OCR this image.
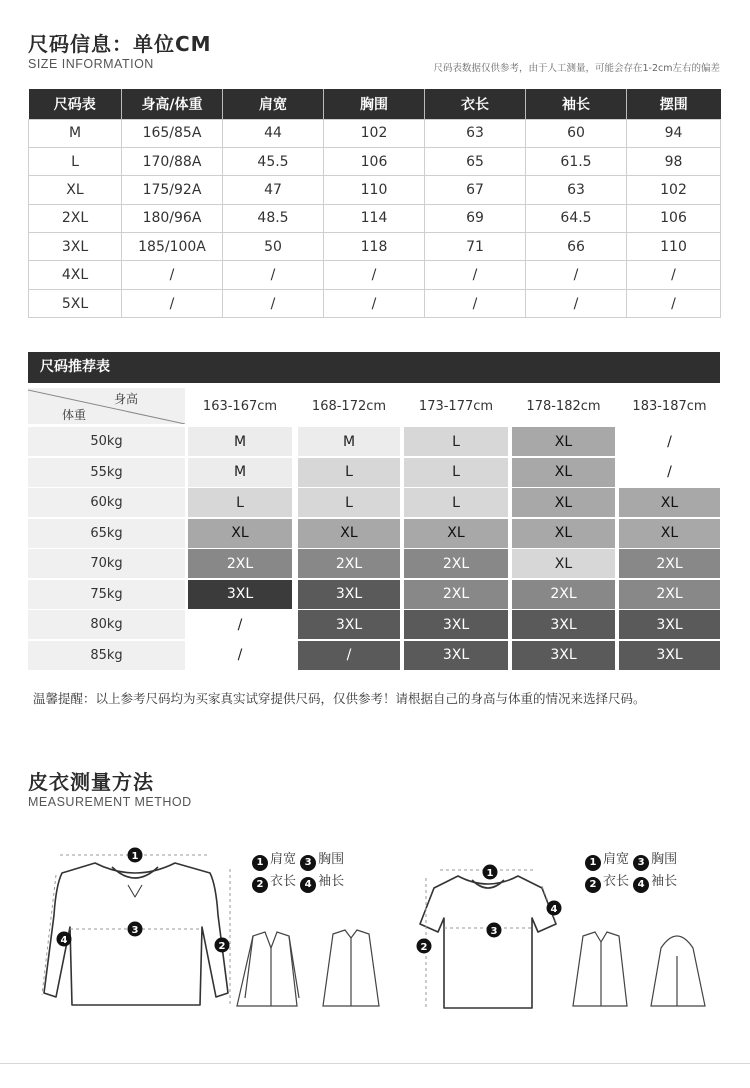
尺码信息：单位CM
SIZE INFORMATION	尺码表数据仅供参考，由于人工测量，可能会存在1-2cm左右的偏差
尺码表	身高/体重	肩宽	胸围	衣长	袖长	摆围
M	165/85A	44	102	63	60	94
L	170/88A	45.5	106	65	61.5	98
XL	175/92A	47	110	67	63	102
2XL	180/96A	48.5	114	69	64.5	106
3XL	185/100A	50	118	71	66	110
4XL	/	/	/	/	/	/
5XL	/	/	/	/	/	/
尺码推荐表
身高
体重
163-167cm	168-172cm	173-177cm	178-182cm	183-187cm
50kg	M	M	L	XL	/
55kg	M	L	L	XL	/
60kg	L	L	L	XL	XL
65kg	XL	XL	XL	XL	XL
70kg	2XL	2XL	2XL	XL	2XL
75kg	3XL	3XL	2XL	2XL	2XL
80kg	/	3XL	3XL	3XL	3XL
85kg	/	/	3XL	3XL	3XL
温馨提醒：以上参考尺码均为买家真实试穿提供尺码，仅供参考！请根据自己的身高与体重的情况来选择尺码。
皮衣测量方法
MEASUREMENT METHOD
1 肩宽 3 胸围
2 衣长 4 袖长
1 肩宽 3 胸围
2 衣长 4 袖长
1
3
2
4
1
3
2
4
